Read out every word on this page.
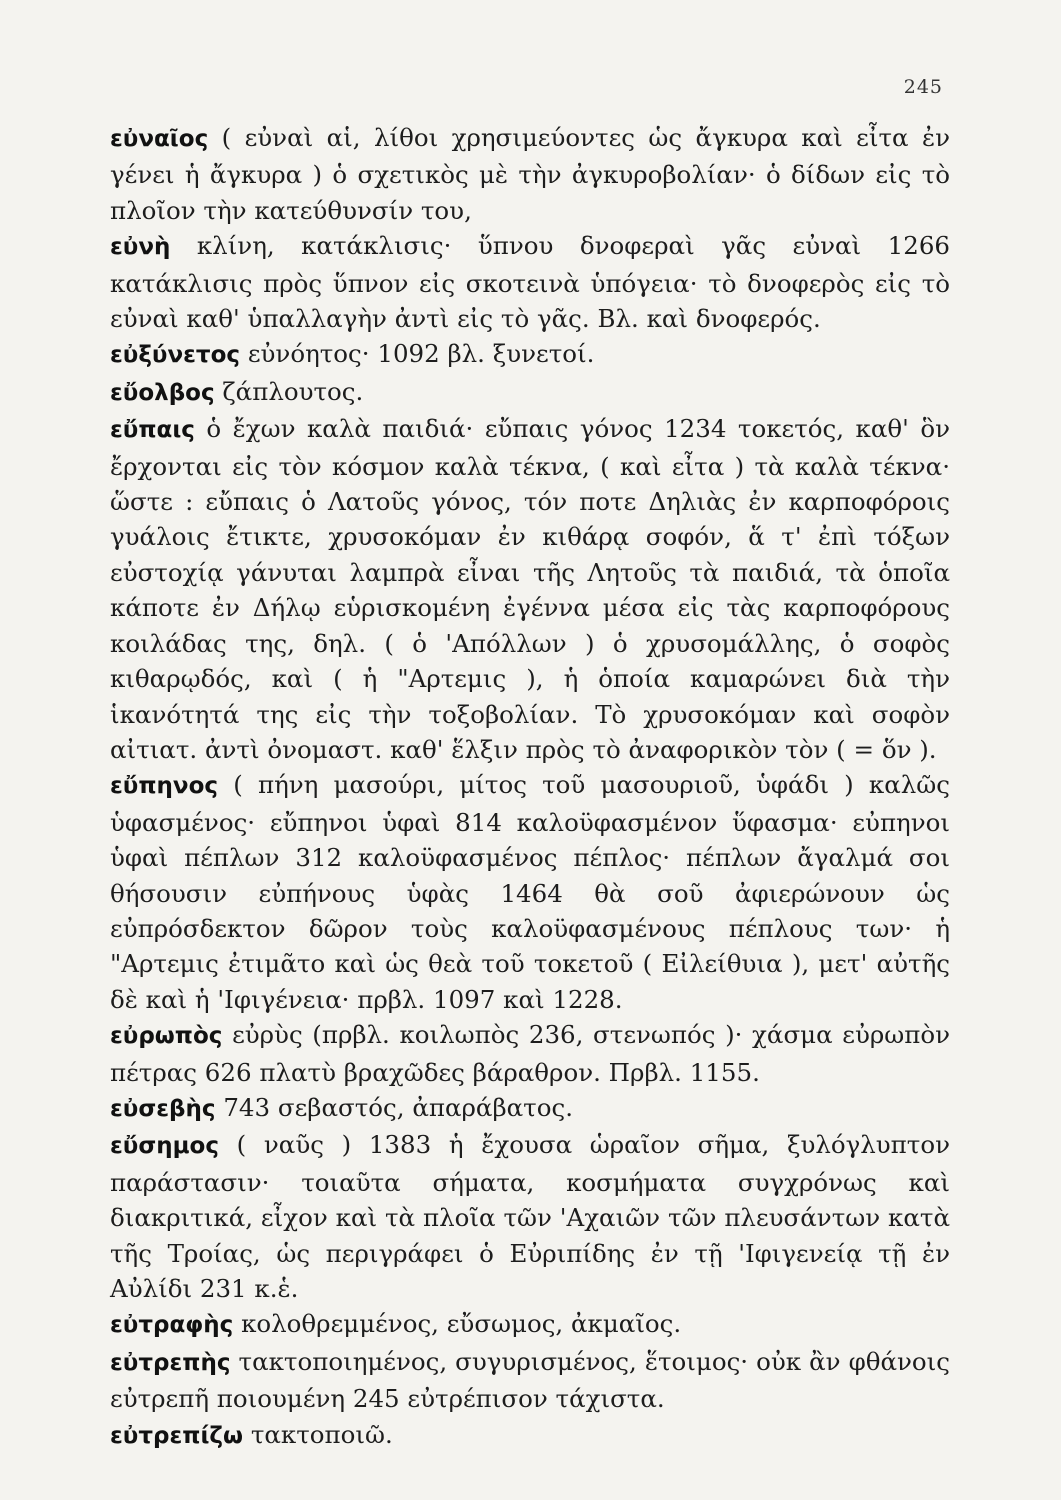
245

εὐναῖος ( εὐναὶ αἱ, λίθοι χρησιμεύοντες ὡς ἄγκυρα καὶ εἶτα ἐν γένει ἡ ἄγκυρα ) ὁ σχετικὸς μὲ τὴν ἀγκυροβολίαν· ὁ δίδων εἰς τὸ πλοῖον τὴν κατεύθυνσίν του,

εὐνὴ κλίνη, κατάκλισις· ὕπνου δνοφεραὶ γᾶς εὐναὶ 1266 κατάκλισις πρὸς ὕπνον εἰς σκοτεινὰ ὑπόγεια· τὸ δνοφερὸς εἰς τὸ εὐναὶ καθ' ὑπαλλαγὴν ἀντὶ εἰς τὸ γᾶς. Βλ. καὶ δνοφερός.

εὐξύνετος εὐνόητος· 1092 βλ. ξυνετοί.

εὔολβος ζάπλουτος.

εὔπαις ὁ ἔχων καλὰ παιδιά· εὔπαις γόνος 1234 τοκετός, καθ' ὃν ἔρχονται εἰς τὸν κόσμον καλὰ τέκνα, ( καὶ εἶτα ) τὰ καλὰ τέκνα· ὥστε : εὔπαις ὁ Λατοῦς γόνος, τόν ποτε Δηλιὰς ἐν καρποφόροις γυάλοις ἔτικτε, χρυσοκόμαν ἐν κιθάρᾳ σοφόν, ἅ τ' ἐπὶ τόξων εὐστοχίᾳ γάνυται λαμπρὰ εἶναι τῆς Λητοῦς τὰ παιδιά, τὰ ὁποῖα κάποτε ἐν Δήλῳ εὑρισκομένη ἐγέννα μέσα εἰς τὰς καρποφόρους κοιλάδας της, δηλ. ( ὁ 'Απόλλων ) ὁ χρυσομάλλης, ὁ σοφὸς κιθαρῳδός, καὶ ( ἡ "Αρτεμις ), ἡ ὁποία καμαρώνει διὰ τὴν ἱκανότητά της εἰς τὴν τοξοβολίαν. Τὸ χρυσοκόμαν καὶ σοφὸν αἰτιατ. ἀντὶ ὀνομαστ. καθ' ἕλξιν πρὸς τὸ ἀναφορικὸν τὸν ( = ὅν ).

εὔπηνος ( πήνη μασούρι, μίτος τοῦ μασουριοῦ, ὑφάδι ) καλῶς ὑφασμένος· εὔπηνοι ὑφαὶ 814 καλοϋφασμένον ὕφασμα· εὐπηνοι ὑφαὶ πέπλων 312 καλοϋφασμένος πέπλος· πέπλων ἄγαλμά σοι θήσουσιν εὐπήνους ὑφὰς 1464 θὰ σοῦ ἀφιερώνουν ὡς εὐπρόσδεκτον δῶρον τοὺς καλοϋφασμένους πέπλους των· ἡ "Αρτεμις ἐτιμᾶτο καὶ ὡς θεὰ τοῦ τοκετοῦ ( Εἰλείθυια ), μετ' αὐτῆς δὲ καὶ ἡ 'Ιφιγένεια· πρβλ. 1097 καὶ 1228.

εὐρωπὸς εὐρὺς (πρβλ. κοιλωπὸς 236, στενωπός )· χάσμα εὐρωπὸν πέτρας 626 πλατὺ βραχῶδες βάραθρον. Πρβλ. 1155.

εὐσεβὴς 743 σεβαστός, ἀπαράβατος.

εὔσημος ( ναῦς ) 1383 ἡ ἔχουσα ὡραῖον σῆμα, ξυλόγλυπτον παράστασιν· τοιαῦτα σήματα, κοσμήματα συγχρόνως καὶ διακριτικά, εἶχον καὶ τὰ πλοῖα τῶν 'Αχαιῶν τῶν πλευσάντων κατὰ τῆς Τροίας, ὡς περιγράφει ὁ Εὐριπίδης ἐν τῇ 'Ιφιγενείᾳ τῇ ἐν Αὐλίδι 231 κ.ἑ.

εὐτραφὴς κολοθρεμμένος, εὔσωμος, ἀκμαῖος.

εὐτρεπὴς τακτοποιημένος, συγυρισμένος, ἕτοιμος· οὐκ ἂν φθάνοις εὐτρεπῆ ποιουμένη 245 εὐτρέπισον τάχιστα.

εὐτρεπίζω τακτοποιῶ.
